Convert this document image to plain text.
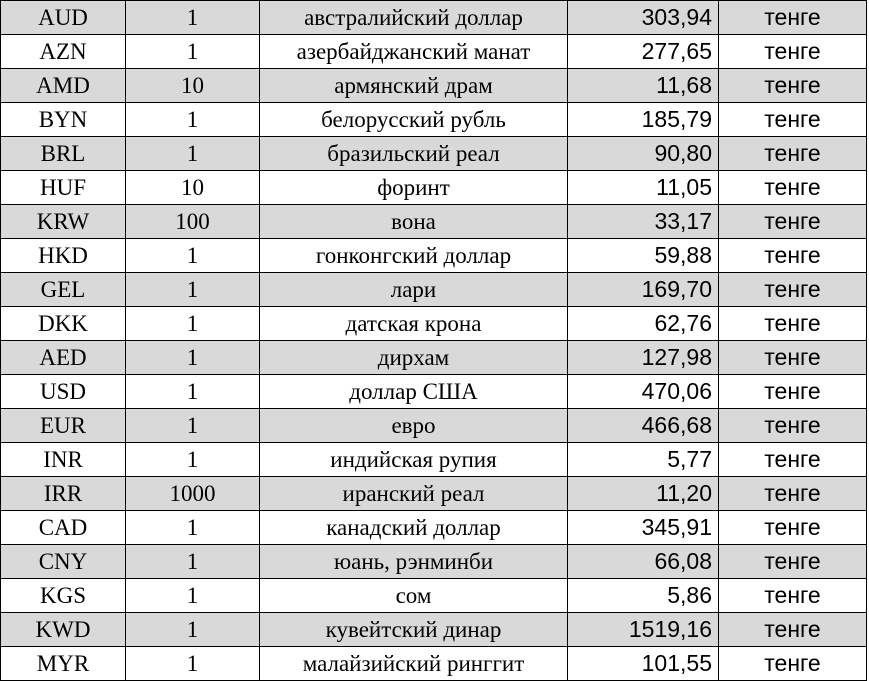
AUD	1	австралийский доллар	303,94	тенге
AZN	1	азербайджанский манат	277,65	тенге
AMD	10	армянский драм	11,68	тенге
BYN	1	белорусский рубль	185,79	тенге
BRL	1	бразильский реал	90,80	тенге
HUF	10	форинт	11,05	тенге
KRW	100	вона	33,17	тенге
HKD	1	гонконгский доллар	59,88	тенге
GEL	1	лари	169,70	тенге
DKK	1	датская крона	62,76	тенге
AED	1	дирхам	127,98	тенге
USD	1	доллар США	470,06	тенге
EUR	1	евро	466,68	тенге
INR	1	индийская рупия	5,77	тенге
IRR	1000	иранский реал	11,20	тенге
CAD	1	канадский доллар	345,91	тенге
CNY	1	юань, рэнминби	66,08	тенге
KGS	1	сом	5,86	тенге
KWD	1	кувейтский динар	1519,16	тенге
MYR	1	малайзийский ринггит	101,55	тенге
